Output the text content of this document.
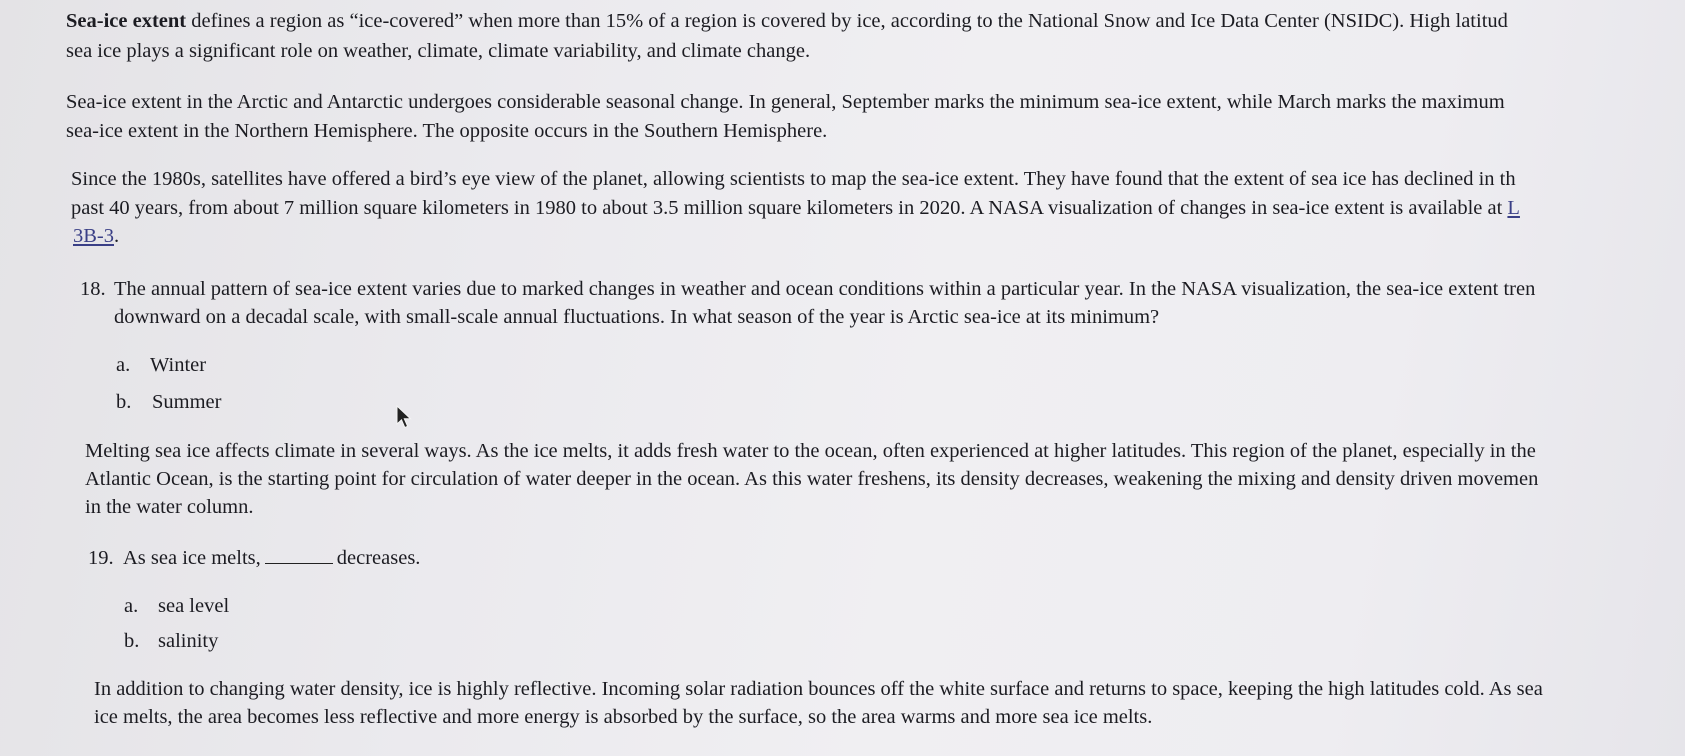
Sea-ice extent defines a region as “ice-covered” when more than 15% of a region is covered by ice, according to the National Snow and Ice Data Center (NSIDC). High latitud
sea ice plays a significant role on weather, climate, climate variability, and climate change.
Sea-ice extent in the Arctic and Antarctic undergoes considerable seasonal change. In general, September marks the minimum sea-ice extent, while March marks the maximum
sea-ice extent in the Northern Hemisphere. The opposite occurs in the Southern Hemisphere.
Since the 1980s, satellites have offered a bird’s eye view of the planet, allowing scientists to map the sea-ice extent. They have found that the extent of sea ice has declined in th
past 40 years, from about 7 million square kilometers in 1980 to about 3.5 million square kilometers in 2020. A NASA visualization of changes in sea-ice extent is available at L
3B-3.
18. The annual pattern of sea-ice extent varies due to marked changes in weather and ocean conditions within a particular year. In the NASA visualization, the sea-ice extent tren
downward on a decadal scale, with small-scale annual fluctuations. In what season of the year is Arctic sea-ice at its minimum?
a. Winter
b. Summer
Melting sea ice affects climate in several ways. As the ice melts, it adds fresh water to the ocean, often experienced at higher latitudes. This region of the planet, especially in the
Atlantic Ocean, is the starting point for circulation of water deeper in the ocean. As this water freshens, its density decreases, weakening the mixing and density driven movemen
in the water column.
19. As sea ice melts,	decreases.
a. sea level
b. salinity
In addition to changing water density, ice is highly reflective. Incoming solar radiation bounces off the white surface and returns to space, keeping the high latitudes cold. As sea
ice melts, the area becomes less reflective and more energy is absorbed by the surface, so the area warms and more sea ice melts.
